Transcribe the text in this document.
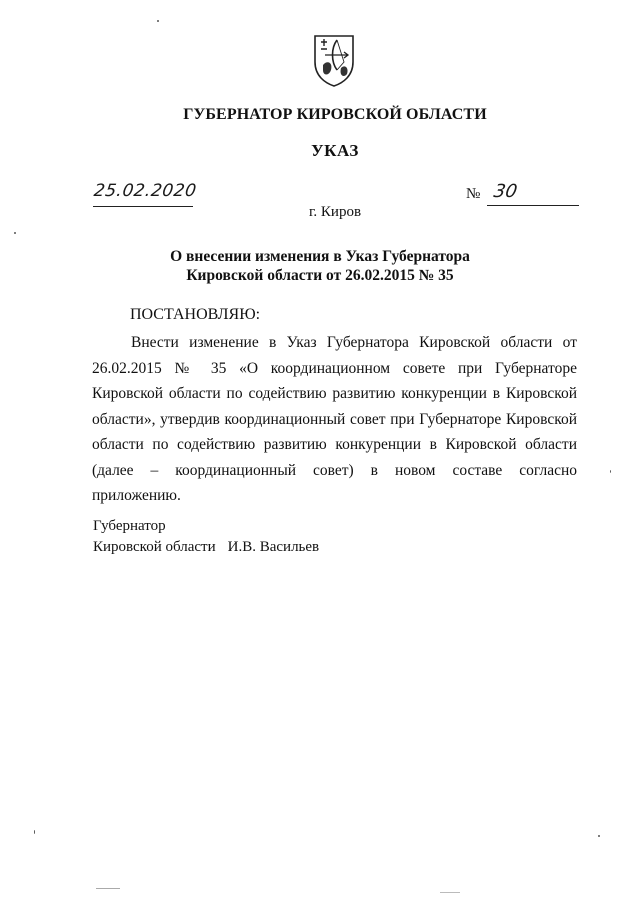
ГУБЕРНАТОР КИРОВСКОЙ ОБЛАСТИ
УКАЗ
25.02.2020	№ 30
г. Киров
О внесении изменения в Указ Губернатора
Кировской области от 26.02.2015 № 35
ПОСТАНОВЛЯЮ:

Внести изменение в Указ Губернатора Кировской области от 26.02.2015 № 35 «О координационном совете при Губернаторе Кировской области по содействию развитию конкуренции в Кировской области», утвердив координационный совет при Губернаторе Кировской области по содействию развитию конкуренции в Кировской области (далее – координационный совет) в новом составе согласно приложению.

Губернатор
Кировской области И.В. Васильев
